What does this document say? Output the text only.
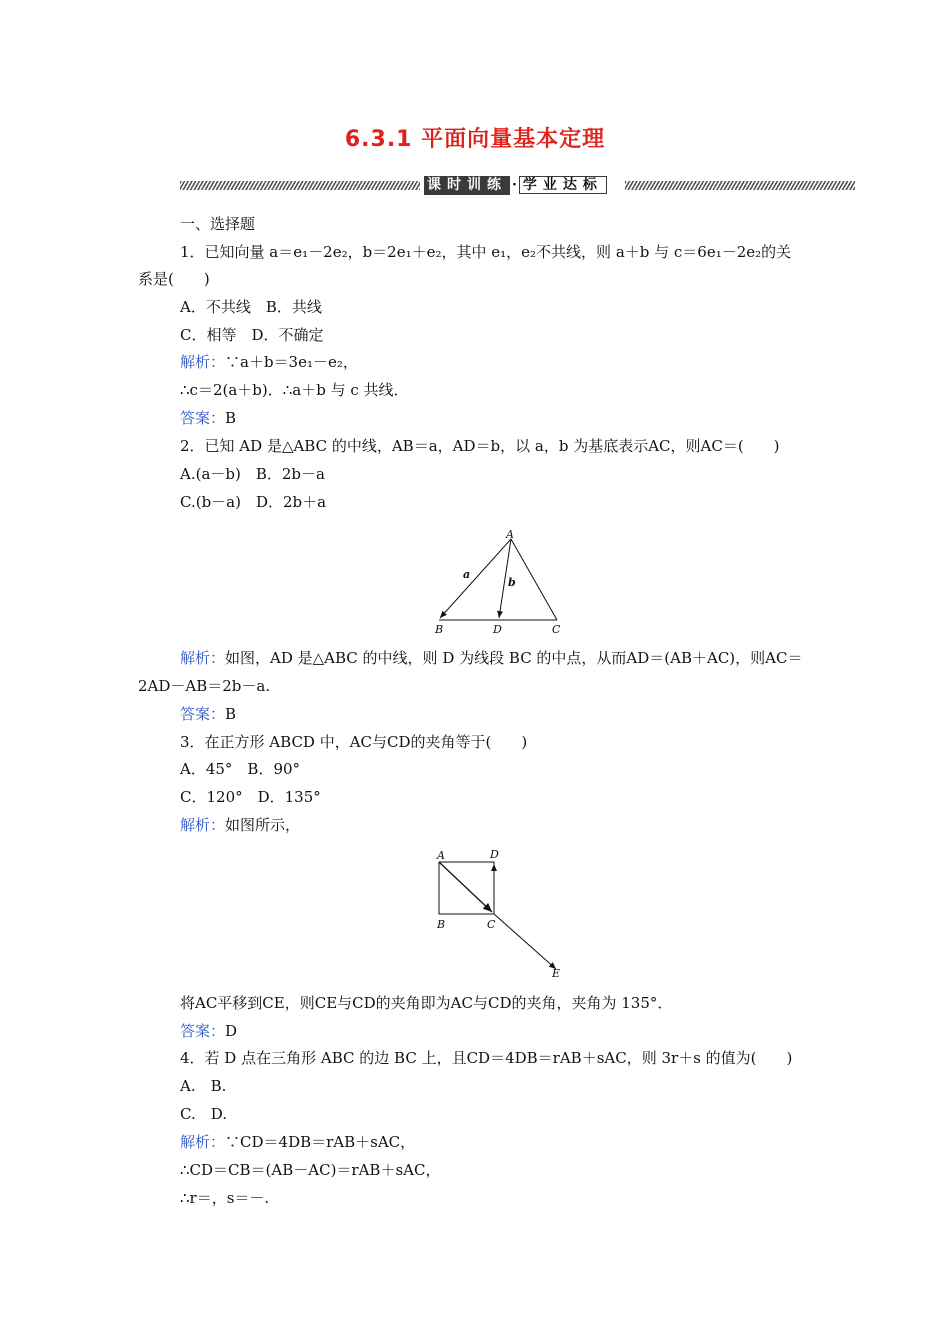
6.3.1 平面向量基本定理
课时训练 · 学业达标
一、选择题
1．已知向量 a＝e₁－2e₂，b＝2e₁＋e₂，其中 e₁，e₂不共线，则 a＋b 与 c＝6e₁－2e₂的关
系是(　　)
A．不共线　B．共线
C．相等　D．不确定
解析：∵a＋b＝3e₁－e₂，
∴c＝2(a＋b)．∴a＋b 与 c 共线．
答案：B
2．已知 AD 是△ABC 的中线，AB＝a，AD＝b，以 a，b 为基底表示AC，则AC＝(　　)
A.(a－b)　B．2b－a
C.(b－a)　D．2b＋a
A
B	D	C
a
b
解析：如图，AD 是△ABC 的中线，则 D 为线段 BC 的中点，从而AD＝(AB＋AC)，则AC＝
2AD－AB＝2b－a.
答案：B
3．在正方形 ABCD 中，AC与CD的夹角等于(　　)
A．45°　B．90°
C．120°　D．135°
解析：如图所示，
A	D
B	C
E
将AC平移到CE，则CE与CD的夹角即为AC与CD的夹角，夹角为 135°．
答案：D
4．若 D 点在三角形 ABC 的边 BC 上，且CD＝4DB＝rAB＋sAC，则 3r＋s 的值为(　　)
A.　B.
C.　D.
解析：∵CD＝4DB＝rAB＋sAC，
∴CD＝CB＝(AB－AC)＝rAB＋sAC，
∴r＝，s＝－.
